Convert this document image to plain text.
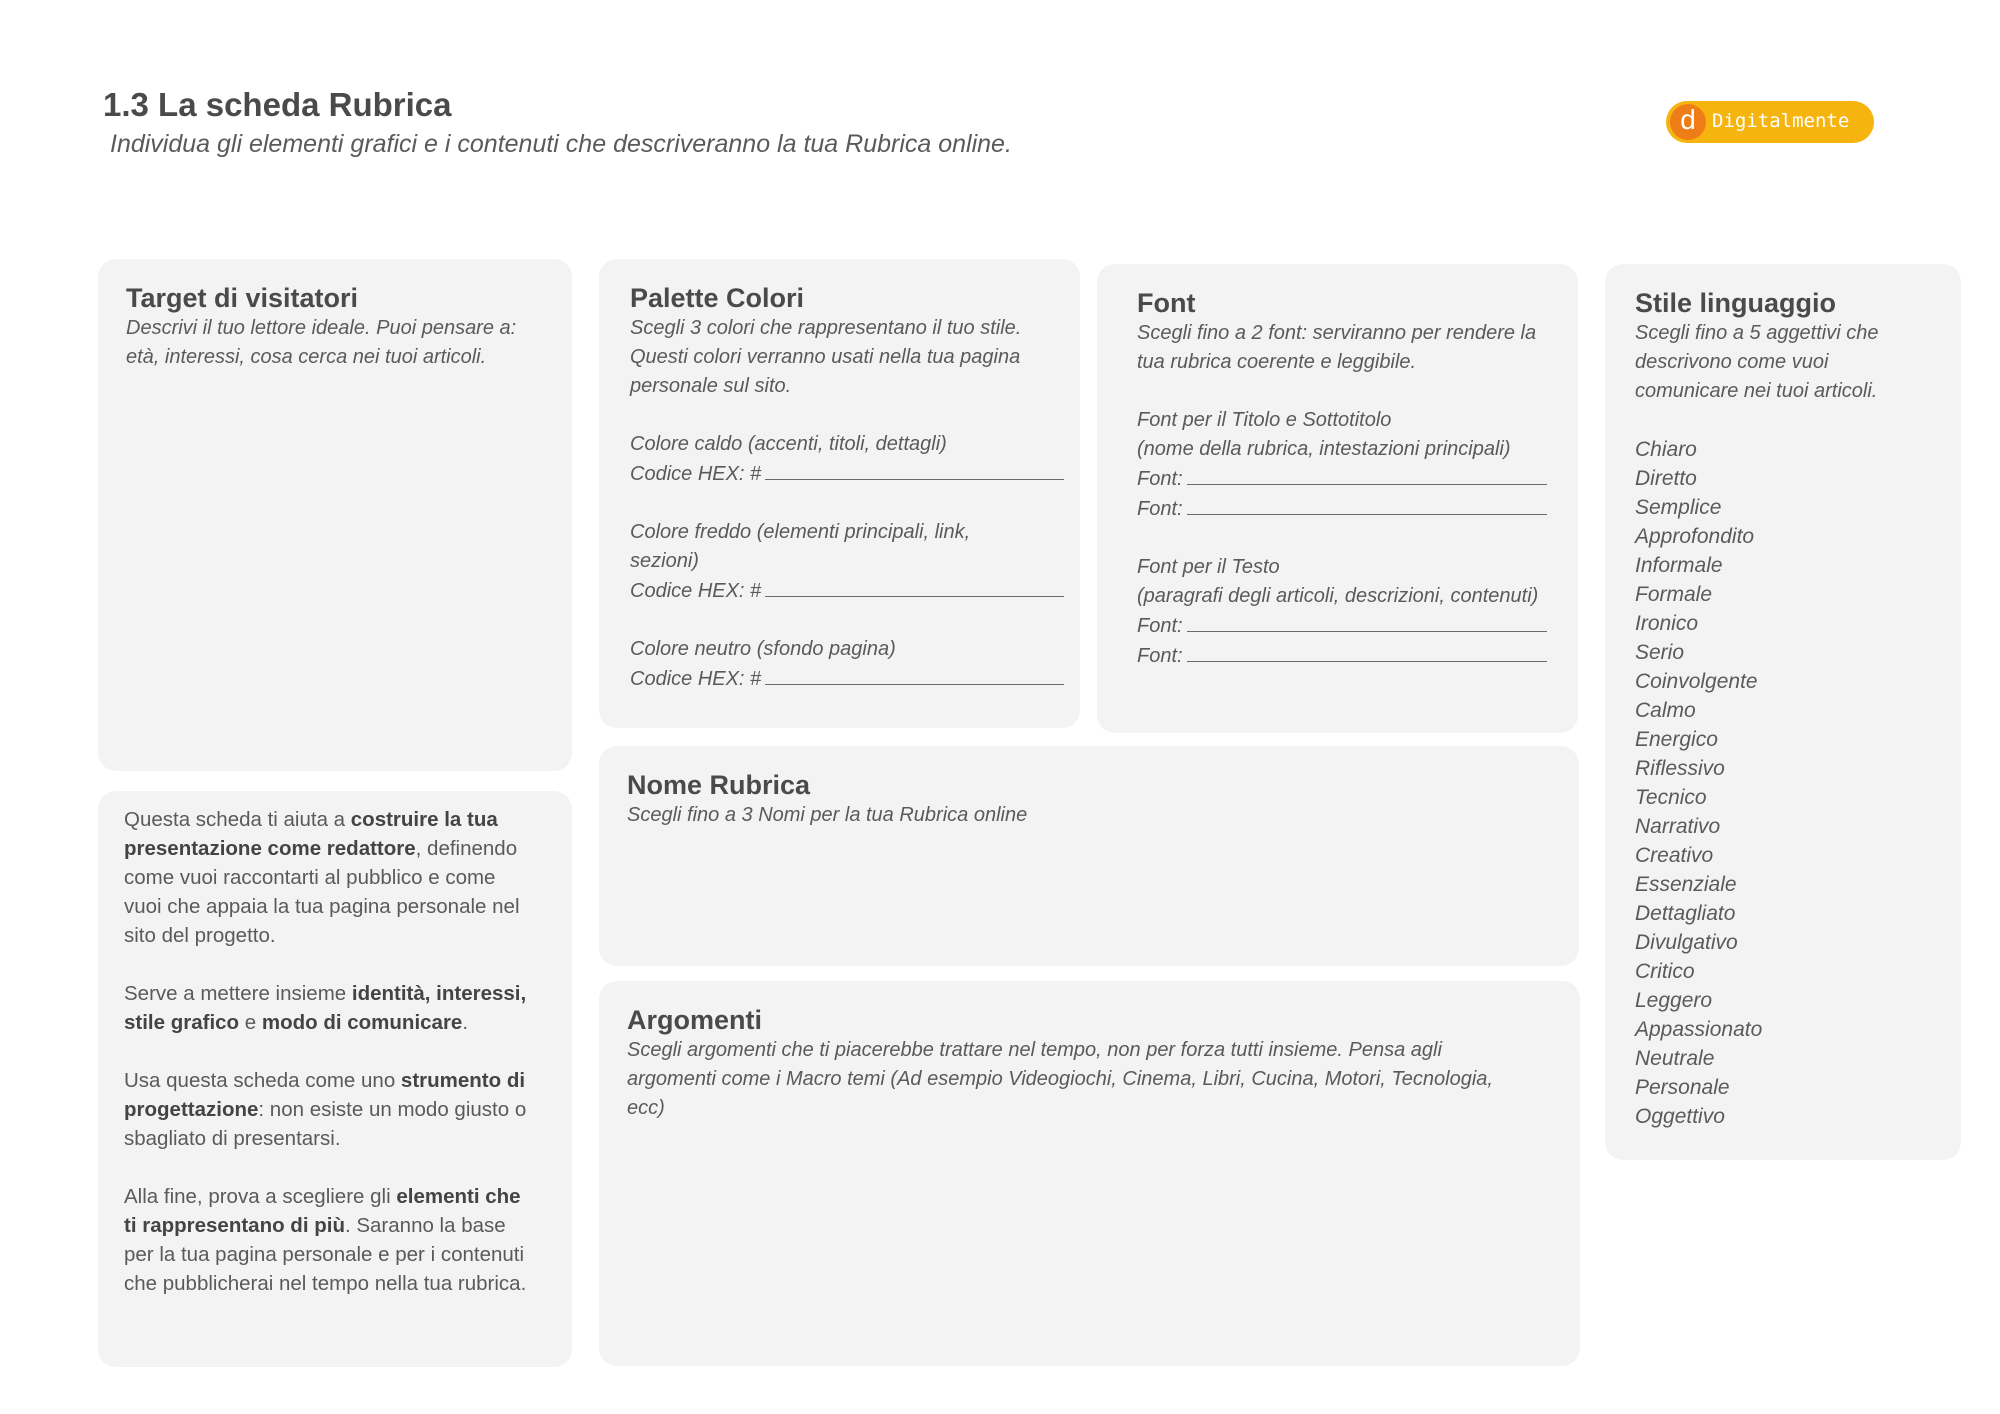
1.3 La scheda Rubrica

Individua gli elementi grafici e i contenuti che descriveranno la tua Rubrica online.

d Digitalmente
Target di visitatori

Descrivi il tuo lettore ideale. Puoi pensare a: età, interessi, cosa cerca nei tuoi articoli.

Questa scheda ti aiuta a costruire la tua presentazione come redattore, definendo come vuoi raccontarti al pubblico e come vuoi che appaia la tua pagina personale nel sito del progetto.

Serve a mettere insieme identità, interessi, stile grafico e modo di comunicare.

Usa questa scheda come uno strumento di progettazione: non esiste un modo giusto o sbagliato di presentarsi.

Alla fine, prova a scegliere gli elementi che ti rappresentano di più. Saranno la base per la tua pagina personale e per i contenuti che pubblicherai nel tempo nella tua rubrica.

Palette Colori

Scegli 3 colori che rappresentano il tuo stile. Questi colori verranno usati nella tua pagina personale sul sito.

Colore caldo (accenti, titoli, dettagli)

Codice HEX: #

Colore freddo (elementi principali, link,

sezioni)

Codice HEX: #

Colore neutro (sfondo pagina)

Codice HEX: #
Font

Scegli fino a 2 font: serviranno per rendere la tua rubrica coerente e leggibile.

Font per il Titolo e Sottotitolo

(nome della rubrica, intestazioni principali)

Font:
Font:

Font per il Testo

(paragrafi degli articoli, descrizioni, contenuti)

Font:
Font:
Stile linguaggio

Scegli fino a 5 aggettivi che descrivono come vuoi comunicare nei tuoi articoli.

Chiaro
Diretto
Semplice
Approfondito
Informale
Formale
Ironico
Serio
Coinvolgente
Calmo
Energico
Riflessivo
Tecnico
Narrativo
Creativo
Essenziale
Dettagliato
Divulgativo
Critico
Leggero
Appassionato
Neutrale
Personale
Oggettivo
Nome Rubrica

Scegli fino a 3 Nomi per la tua Rubrica online

Argomenti

Scegli argomenti che ti piacerebbe trattare nel tempo, non per forza tutti insieme. Pensa agli argomenti come i Macro temi (Ad esempio Videogiochi, Cinema, Libri, Cucina, Motori, Tecnologia, ecc)
